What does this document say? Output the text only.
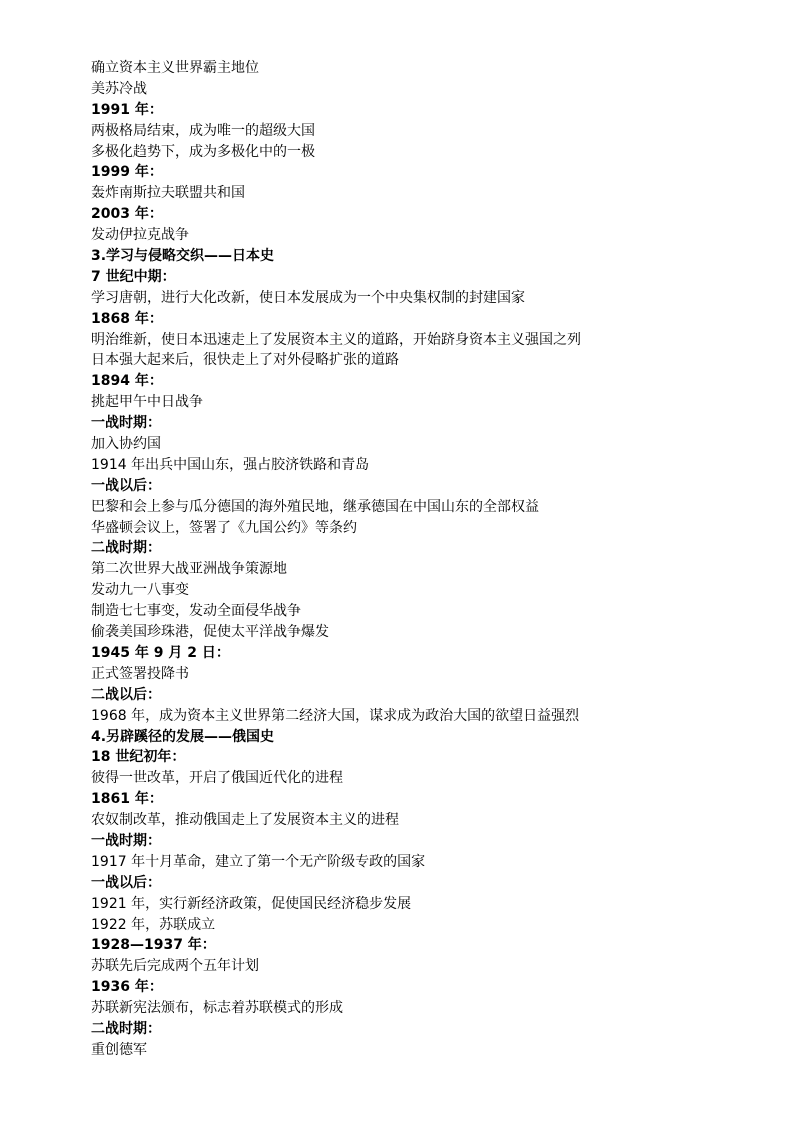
确立资本主义世界霸主地位
美苏冷战
1991 年：
两极格局结束，成为唯一的超级大国
多极化趋势下，成为多极化中的一极
1999 年：
轰炸南斯拉夫联盟共和国
2003 年：
发动伊拉克战争
3.学习与侵略交织——日本史
7 世纪中期：
学习唐朝，进行大化改新，使日本发展成为一个中央集权制的封建国家
1868 年：
明治维新，使日本迅速走上了发展资本主义的道路，开始跻身资本主义强国之列
日本强大起来后，很快走上了对外侵略扩张的道路
1894 年：
挑起甲午中日战争
一战时期：
加入协约国
1914 年出兵中国山东，强占胶济铁路和青岛
一战以后：
巴黎和会上参与瓜分德国的海外殖民地，继承德国在中国山东的全部权益
华盛顿会议上，签署了《九国公约》等条约
二战时期：
第二次世界大战亚洲战争策源地
发动九一八事变
制造七七事变，发动全面侵华战争
偷袭美国珍珠港，促使太平洋战争爆发
1945 年 9 月 2 日：
正式签署投降书
二战以后：
1968 年，成为资本主义世界第二经济大国，谋求成为政治大国的欲望日益强烈
4.另辟蹊径的发展——俄国史
18 世纪初年：
彼得一世改革，开启了俄国近代化的进程
1861 年：
农奴制改革，推动俄国走上了发展资本主义的进程
一战时期：
1917 年十月革命，建立了第一个无产阶级专政的国家
一战以后：
1921 年，实行新经济政策，促使国民经济稳步发展
1922 年，苏联成立
1928—1937 年：
苏联先后完成两个五年计划
1936 年：
苏联新宪法颁布，标志着苏联模式的形成
二战时期：
重创德军
